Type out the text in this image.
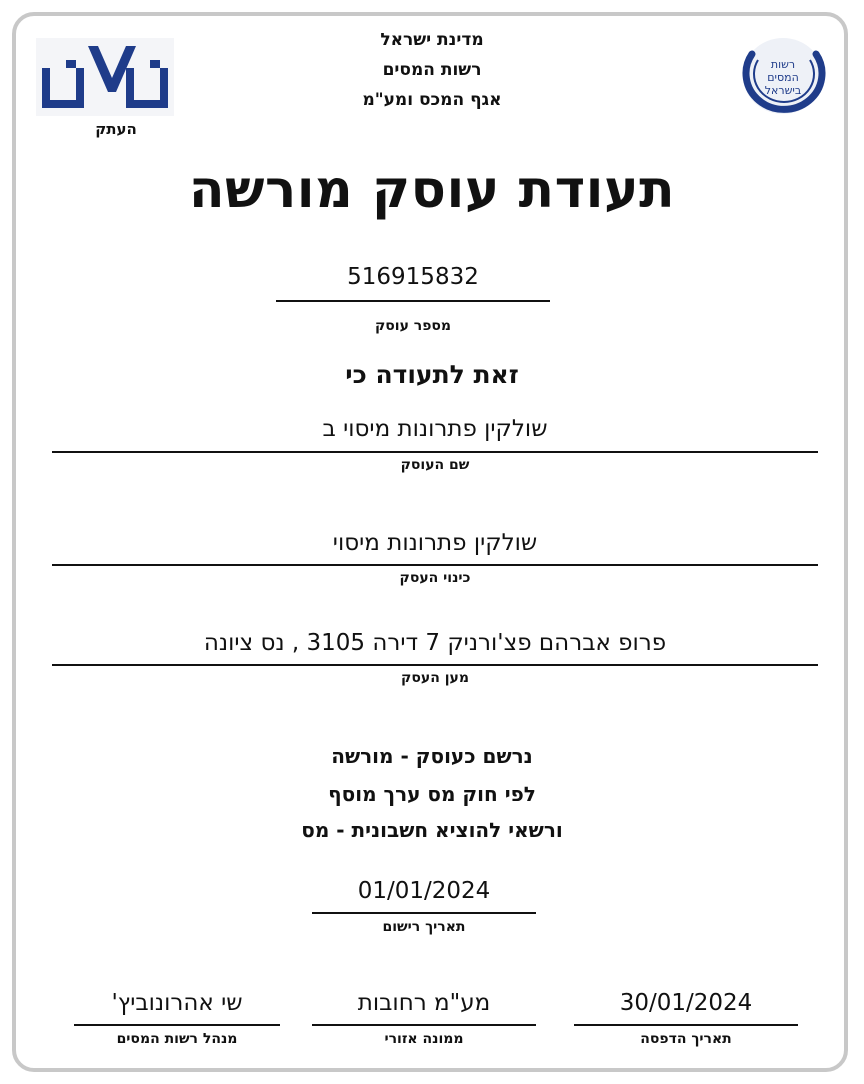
מדינת ישראל
רשות המסים
אגף המכס ומע"מ
העתק
רשות
המסים
בישראל
תעודת עוסק מורשה
516915832
מספר עוסק
זאת לתעודה כי
שולקין פתרונות מיסוי ב
שם העוסק
שולקין פתרונות מיסוי
כינוי העסק
פרופ אברהם פצ'ורניק 7 דירה 3105 , נס ציונה
מען העסק
נרשם כעוסק - מורשה
לפי חוק מס ערך מוסף
ורשאי להוציא חשבונית - מס
01/01/2024
תאריך רישום
שי אהרונוביץ'
מנהל רשות המסים
מע"מ רחובות
ממונה אזורי
30/01/2024
תאריך הדפסה
